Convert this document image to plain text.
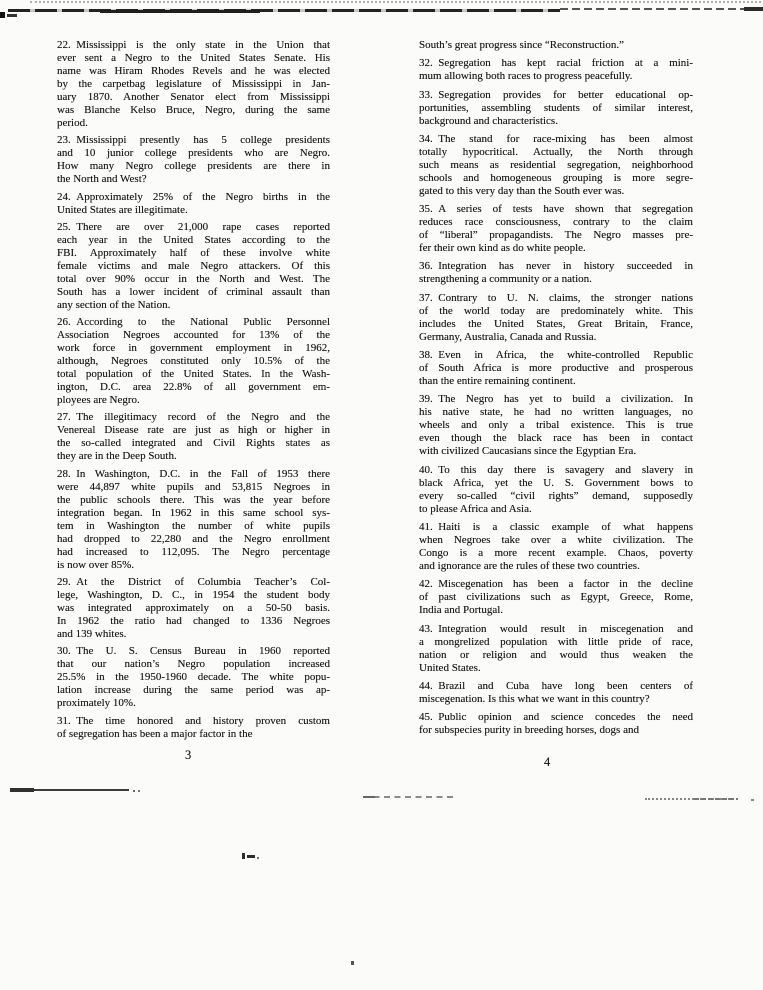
22. Mississippi is the only state in the Union that
ever sent a Negro to the United States Senate. His
name was Hiram Rhodes Revels and he was elected
by the carpetbag legislature of Mississippi in Jan-
uary 1870. Another Senator elect from Mississippi
was Blanche Kelso Bruce, Negro, during the same
period.

23. Mississippi presently has 5 college presidents
and 10 junior college presidents who are Negro.
How many Negro college presidents are there in
the North and West?

24. Approximately 25% of the Negro births in the
United States are illegitimate.

25. There are over 21,000 rape cases reported
each year in the United States according to the
FBI. Approximately half of these involve white
female victims and male Negro attackers. Of this
total over 90% occur in the North and West. The
South has a lower incident of criminal assault than
any section of the Nation.

26. According to the National Public Personnel
Association Negroes accounted for 13% of the
work force in government employment in 1962,
although, Negroes constituted only 10.5% of the
total population of the United States. In the Wash-
ington, D.C. area 22.8% of all government em-
ployees are Negro.

27. The illegitimacy record of the Negro and the
Venereal Disease rate are just as high or higher in
the so-called integrated and Civil Rights states as
they are in the Deep South.

28. In Washington, D.C. in the Fall of 1953 there
were 44,897 white pupils and 53,815 Negroes in
the public schools there. This was the year before
integration began. In 1962 in this same school sys-
tem in Washington the number of white pupils
had dropped to 22,280 and the Negro enrollment
had increased to 112,095. The Negro percentage
is now over 85%.

29. At the District of Columbia Teacher’s Col-
lege, Washington, D. C., in 1954 the student body
was integrated approximately on a 50-50 basis.
In 1962 the ratio had changed to 1336 Negroes
and 139 whites.

30. The U. S. Census Bureau in 1960 reported
that our nation’s Negro population increased
25.5% in the 1950-1960 decade. The white popu-
lation increase during the same period was ap-
proximately 10%.

31. The time honored and history proven custom
of segregation has been a major factor in the

South’s great progress since “Reconstruction.”

32. Segregation has kept racial friction at a mini-
mum allowing both races to progress peacefully.

33. Segregation provides for better educational op-
portunities, assembling students of similar interest,
background and characteristics.

34. The stand for race-mixing has been almost
totally hypocritical. Actually, the North through
such means as residential segregation, neighborhood
schools and homogeneous grouping is more segre-
gated to this very day than the South ever was.

35. A series of tests have shown that segregation
reduces race consciousness, contrary to the claim
of “liberal” propagandists. The Negro masses pre-
fer their own kind as do white people.

36. Integration has never in history succeeded in
strengthening a community or a nation.

37. Contrary to U. N. claims, the stronger nations
of the world today are predominately white. This
includes the United States, Great Britain, France,
Germany, Australia, Canada and Russia.

38. Even in Africa, the white-controlled Republic
of South Africa is more productive and prosperous
than the entire remaining continent.

39. The Negro has yet to build a civilization. In
his native state, he had no written languages, no
wheels and only a tribal existence. This is true
even though the black race has been in contact
with civilized Caucasians since the Egyptian Era.

40. To this day there is savagery and slavery in
black Africa, yet the U. S. Government bows to
every so-called “civil rights” demand, supposedly
to please Africa and Asia.

41. Haiti is a classic example of what happens
when Negroes take over a white civilization. The
Congo is a more recent example. Chaos, poverty
and ignorance are the rules of these two countries.

42. Miscegenation has been a factor in the decline
of past civilizations such as Egypt, Greece, Rome,
India and Portugal.

43. Integration would result in miscegenation and
a mongrelized population with little pride of race,
nation or religion and would thus weaken the
United States.

44. Brazil and Cuba have long been centers of
miscegenation. Is this what we want in this country?

45. Public opinion and science concedes the need
for subspecies purity in breeding horses, dogs and

3	4
